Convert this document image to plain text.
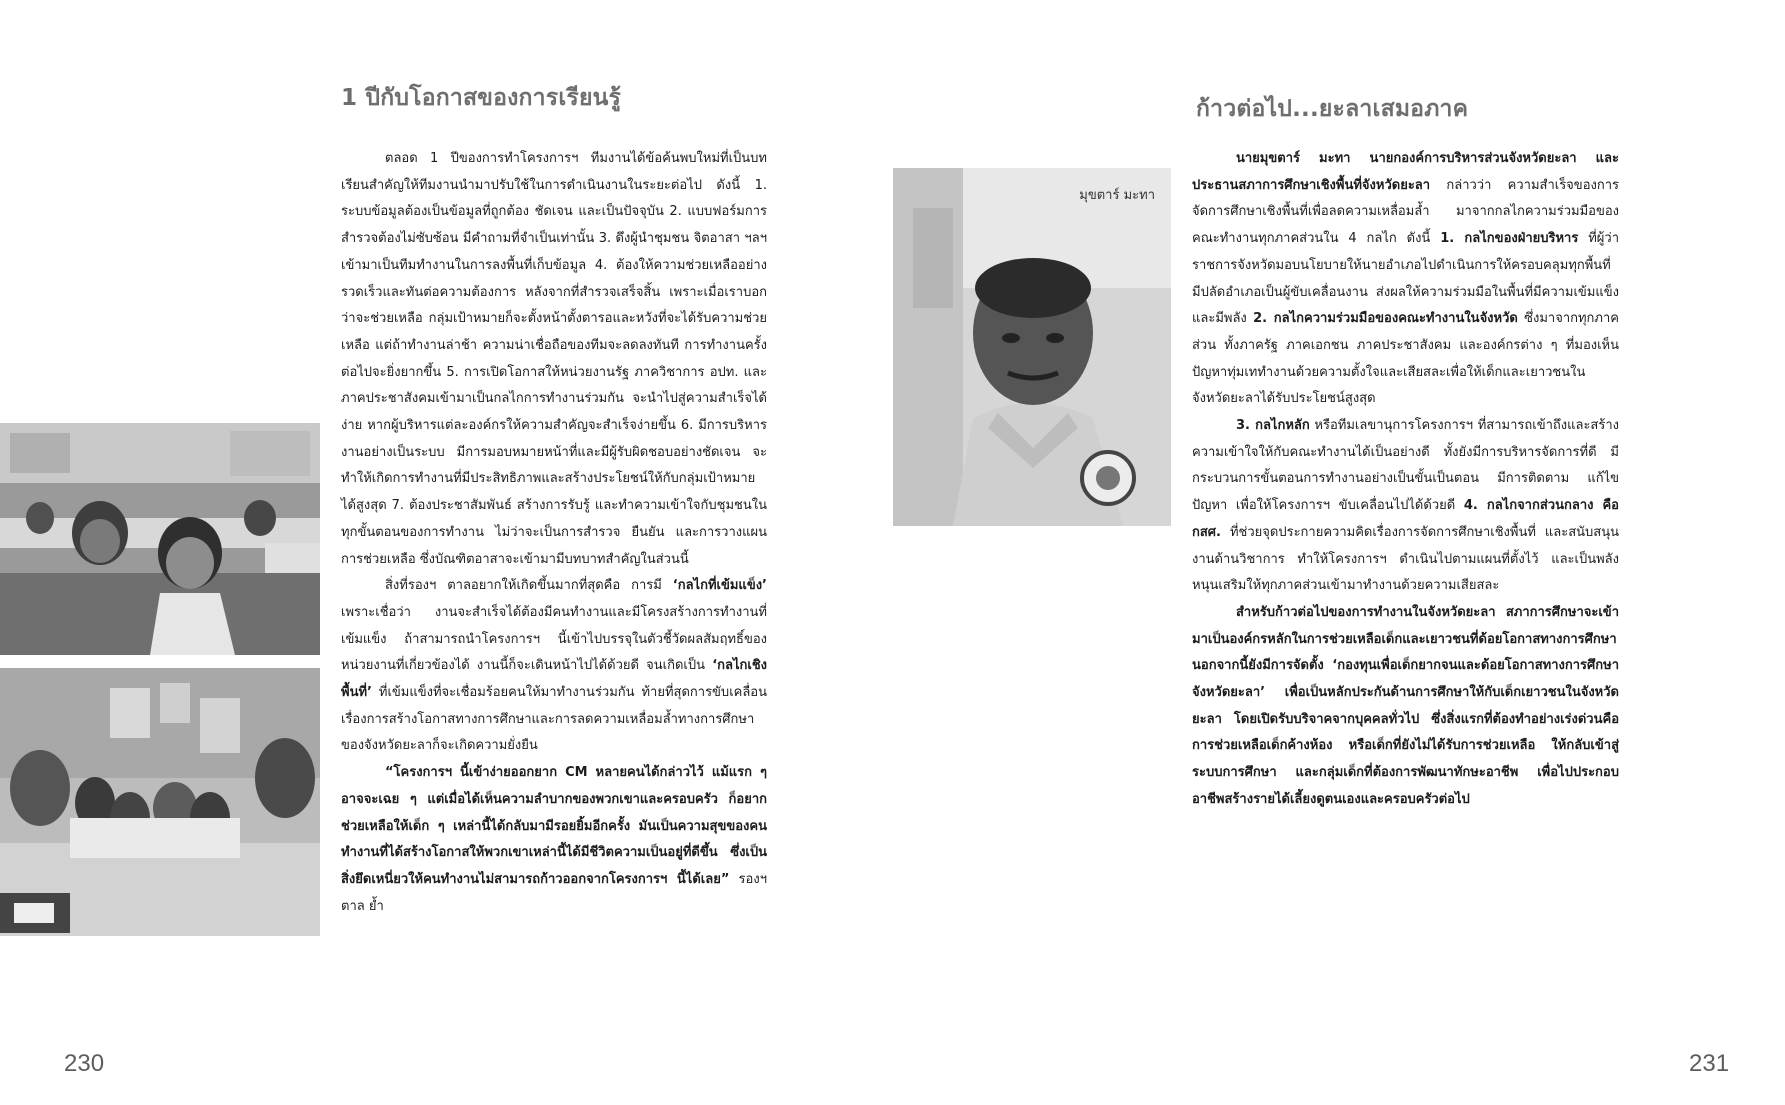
1 ปีกับโอกาสของการเรียนรู้

ตลอด 1 ปีของการทำโครงการฯ ทีมงานได้ข้อค้นพบใหม่ที่เป็นบทเรียนสำคัญให้ทีมงานนำมาปรับใช้ในการดำเนินงานในระยะต่อไป ดังนี้ 1. ระบบข้อมูลต้องเป็นข้อมูลที่ถูกต้อง ชัดเจน และเป็นปัจจุบัน 2. แบบฟอร์มการสำรวจต้องไม่ซับซ้อน มีคำถามที่จำเป็นเท่านั้น 3. ดึงผู้นำชุมชน จิตอาสา ฯลฯ เข้ามาเป็นทีมทำงานในการลงพื้นที่เก็บข้อมูล 4. ต้องให้ความช่วยเหลืออย่างรวดเร็วและทันต่อความต้องการ หลังจากที่สำรวจเสร็จสิ้น เพราะเมื่อเราบอกว่าจะช่วยเหลือ กลุ่มเป้าหมายก็จะตั้งหน้าตั้งตารอและหวังที่จะได้รับความช่วยเหลือ แต่ถ้าทำงานล่าช้า ความน่าเชื่อถือของทีมจะลดลงทันที การทำงานครั้งต่อไปจะยิ่งยากขึ้น 5. การเปิดโอกาสให้หน่วยงานรัฐ ภาควิชาการ อปท. และภาคประชาสังคมเข้ามาเป็นกลไกการทำงานร่วมกัน จะนำไปสู่ความสำเร็จได้ง่าย หากผู้บริหารแต่ละองค์กรให้ความสำคัญจะสำเร็จง่ายขึ้น 6. มีการบริหารงานอย่างเป็นระบบ มีการมอบหมายหน้าที่และมีผู้รับผิดชอบอย่างชัดเจน จะทำให้เกิดการทำงานที่มีประสิทธิภาพและสร้างประโยชน์ให้กับกลุ่มเป้าหมายได้สูงสุด 7. ต้องประชาสัมพันธ์ สร้างการรับรู้ และทำความเข้าใจกับชุมชนในทุกขั้นตอนของการทำงาน ไม่ว่าจะเป็นการสำรวจ ยืนยัน และการวางแผนการช่วยเหลือ ซึ่งบัณฑิตอาสาจะเข้ามามีบทบาทสำคัญในส่วนนี้

สิ่งที่รองฯ ตาลอยากให้เกิดขึ้นมากที่สุดคือ การมี ‘กลไกที่เข้มแข็ง’ เพราะเชื่อว่า งานจะสำเร็จได้ต้องมีคนทำงานและมีโครงสร้างการทำงานที่เข้มแข็ง ถ้าสามารถนำโครงการฯ นี้เข้าไปบรรจุในตัวชี้วัดผลสัมฤทธิ์ของหน่วยงานที่เกี่ยวข้องได้ งานนี้ก็จะเดินหน้าไปได้ด้วยดี จนเกิดเป็น ‘กลไกเชิงพื้นที่’ ที่เข้มแข็งที่จะเชื่อมร้อยคนให้มาทำงานร่วมกัน ท้ายที่สุดการขับเคลื่อนเรื่องการสร้างโอกาสทางการศึกษาและการลดความเหลื่อมล้ำทางการศึกษาของจังหวัดยะลาก็จะเกิดความยั่งยืน

“โครงการฯ นี้เข้าง่ายออกยาก CM หลายคนได้กล่าวไว้ แม้แรก ๆ อาจจะเฉย ๆ แต่เมื่อได้เห็นความลำบากของพวกเขาและครอบครัว ก็อยากช่วยเหลือให้เด็ก ๆ เหล่านี้ได้กลับมามีรอยยิ้มอีกครั้ง มันเป็นความสุขของคนทำงานที่ได้สร้างโอกาสให้พวกเขาเหล่านี้ได้มีชีวิตความเป็นอยู่ที่ดีขึ้น ซึ่งเป็นสิ่งยึดเหนี่ยวให้คนทำงานไม่สามารถก้าวออกจากโครงการฯ นี้ได้เลย” รองฯ ตาล ย้ำ

230
ก้าวต่อไป...ยะลาเสมอภาค
มุขตาร์ มะทา

นายมุขตาร์ มะทา นายกองค์การบริหารส่วนจังหวัดยะลา และประธานสภาการศึกษาเชิงพื้นที่จังหวัดยะลา กล่าวว่า ความสำเร็จของการจัดการศึกษาเชิงพื้นที่เพื่อลดความเหลื่อมล้ำ มาจากกลไกความร่วมมือของคณะทำงานทุกภาคส่วนใน 4 กลไก ดังนี้ 1. กลไกของฝ่ายบริหาร ที่ผู้ว่าราชการจังหวัดมอบนโยบายให้นายอำเภอไปดำเนินการให้ครอบคลุมทุกพื้นที่ มีปลัดอำเภอเป็นผู้ขับเคลื่อนงาน ส่งผลให้ความร่วมมือในพื้นที่มีความเข้มแข็งและมีพลัง 2. กลไกความร่วมมือของคณะทำงานในจังหวัด ซึ่งมาจากทุกภาคส่วน ทั้งภาครัฐ ภาคเอกชน ภาคประชาสังคม และองค์กรต่าง ๆ ที่มองเห็นปัญหาทุ่มเททำงานด้วยความตั้งใจและเสียสละเพื่อให้เด็กและเยาวชนในจังหวัดยะลาได้รับประโยชน์สูงสุด

3. กลไกหลัก หรือทีมเลขานุการโครงการฯ ที่สามารถเข้าถึงและสร้างความเข้าใจให้กับคณะทำงานได้เป็นอย่างดี ทั้งยังมีการบริหารจัดการที่ดี มีกระบวนการขั้นตอนการทำงานอย่างเป็นขั้นเป็นตอน มีการติดตาม แก้ไขปัญหา เพื่อให้โครงการฯ ขับเคลื่อนไปได้ด้วยดี 4. กลไกจากส่วนกลาง คือ กสศ. ที่ช่วยจุดประกายความคิดเรื่องการจัดการศึกษาเชิงพื้นที่ และสนับสนุนงานด้านวิชาการ ทำให้โครงการฯ ดำเนินไปตามแผนที่ตั้งไว้ และเป็นพลังหนุนเสริมให้ทุกภาคส่วนเข้ามาทำงานด้วยความเสียสละ

สำหรับก้าวต่อไปของการทำงานในจังหวัดยะลา สภาการศึกษาจะเข้ามาเป็นองค์กรหลักในการช่วยเหลือเด็กและเยาวชนที่ด้อยโอกาสทางการศึกษา นอกจากนี้ยังมีการจัดตั้ง ‘กองทุนเพื่อเด็กยากจนและด้อยโอกาสทางการศึกษา จังหวัดยะลา’ เพื่อเป็นหลักประกันด้านการศึกษาให้กับเด็กเยาวชนในจังหวัดยะลา โดยเปิดรับบริจาคจากบุคคลทั่วไป ซึ่งสิ่งแรกที่ต้องทำอย่างเร่งด่วนคือ การช่วยเหลือเด็กค้างห้อง หรือเด็กที่ยังไม่ได้รับการช่วยเหลือ ให้กลับเข้าสู่ระบบการศึกษา และกลุ่มเด็กที่ต้องการพัฒนาทักษะอาชีพ เพื่อไปประกอบอาชีพสร้างรายได้เลี้ยงดูตนเองและครอบครัวต่อไป

231
